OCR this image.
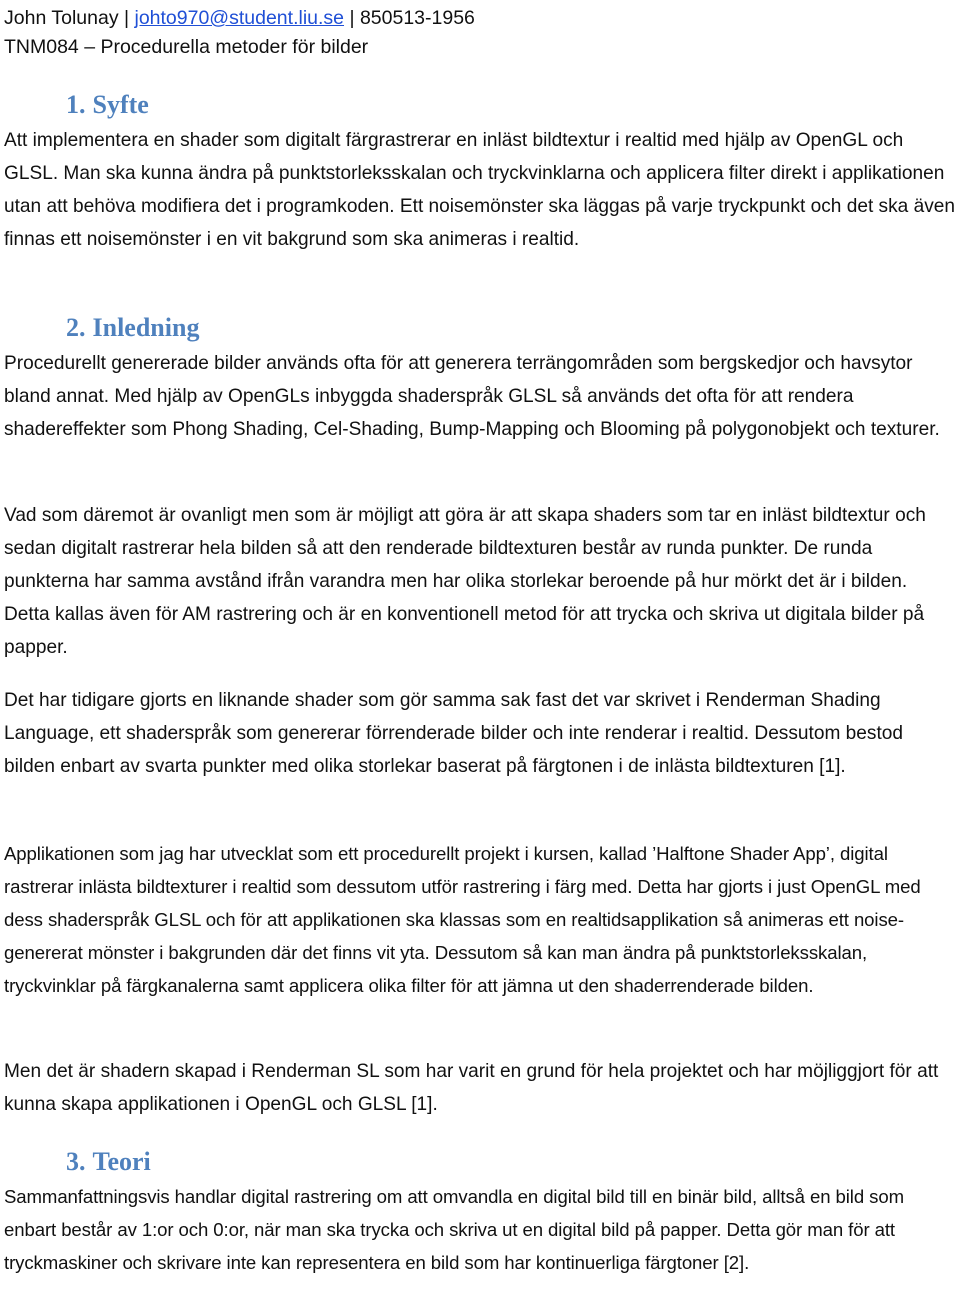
John Tolunay | johto970@student.liu.se | 850513-1956
TNM084 – Procedurella metoder för bilder
1. Syfte

Att implementera en shader som digitalt färgrastrerar en inläst bildtextur i realtid med hjälp av OpenGL och GLSL. Man ska kunna ändra på punktstorleksskalan och tryckvinklarna och applicera filter direkt i applikationen utan att behöva modifiera det i programkoden. Ett noisemönster ska läggas på varje tryckpunkt och det ska även finnas ett noisemönster i en vit bakgrund som ska animeras i realtid.

2. Inledning

Procedurellt genererade bilder används ofta för att generera terrängområden som bergskedjor och havsytor bland annat. Med hjälp av OpenGLs inbyggda shaderspråk GLSL så används det ofta för att rendera shadereffekter som Phong Shading, Cel-Shading, Bump-Mapping och Blooming på polygonobjekt och texturer.

Vad som däremot är ovanligt men som är möjligt att göra är att skapa shaders som tar en inläst bildtextur och sedan digitalt rastrerar hela bilden så att den renderade bildtexturen består av runda punkter. De runda punkterna har samma avstånd ifrån varandra men har olika storlekar beroende på hur mörkt det är i bilden. Detta kallas även för AM rastrering och är en konventionell metod för att trycka och skriva ut digitala bilder på papper.

Det har tidigare gjorts en liknande shader som gör samma sak fast det var skrivet i Renderman Shading Language, ett shaderspråk som genererar förrenderade bilder och inte renderar i realtid. Dessutom bestod bilden enbart av svarta punkter med olika storlekar baserat på färgtonen i de inlästa bildtexturen [1].

Applikationen som jag har utvecklat som ett procedurellt projekt i kursen, kallad ’Halftone Shader App’, digital rastrerar inlästa bildtexturer i realtid som dessutom utför rastrering i färg med. Detta har gjorts i just OpenGL med dess shaderspråk GLSL och för att applikationen ska klassas som en realtidsapplikation så animeras ett noise-genererat mönster i bakgrunden där det finns vit yta. Dessutom så kan man ändra på punktstorleksskalan, tryckvinklar på färgkanalerna samt applicera olika filter för att jämna ut den shaderrenderade bilden.

Men det är shadern skapad i Renderman SL som har varit en grund för hela projektet och har möjliggjort för att kunna skapa applikationen i OpenGL och GLSL [1].

3. Teori

Sammanfattningsvis handlar digital rastrering om att omvandla en digital bild till en binär bild, alltså en bild som enbart består av 1:or och 0:or, när man ska trycka och skriva ut en digital bild på papper. Detta gör man för att tryckmaskiner och skrivare inte kan representera en bild som har kontinuerliga färgtoner [2].
